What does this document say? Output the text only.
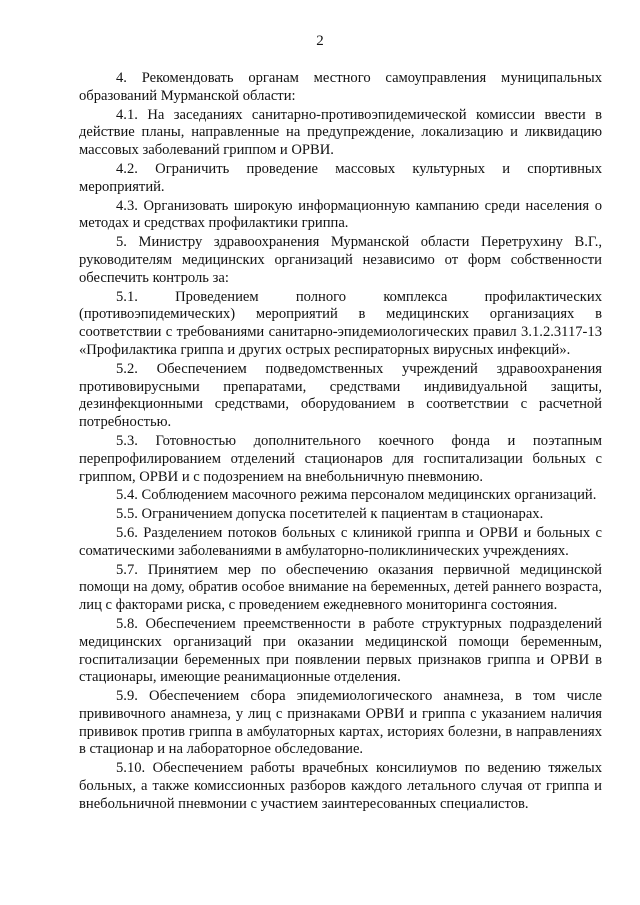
2

4. Рекомендовать органам местного самоуправления муниципальных образований Мурманской области:

4.1. На заседаниях санитарно-противоэпидемической комиссии ввести в действие планы, направленные на предупреждение, локализацию и ликвидацию массовых заболеваний гриппом и ОРВИ.

4.2. Ограничить проведение массовых культурных и спортивных мероприятий.

4.3. Организовать широкую информационную кампанию среди населения о методах и средствах профилактики гриппа.

5. Министру здравоохранения Мурманской области Перетрухину В.Г., руководителям медицинских организаций независимо от форм собственности обеспечить контроль за:

5.1. Проведением полного комплекса профилактических (противоэпидемических) мероприятий в медицинских организациях в соответствии с требованиями санитарно-эпидемиологических правил 3.1.2.3117-13 «Профилактика гриппа и других острых респираторных вирусных инфекций».

5.2. Обеспечением подведомственных учреждений здравоохранения противовирусными препаратами, средствами индивидуальной защиты, дезинфекционными средствами, оборудованием в соответствии с расчетной потребностью.

5.3. Готовностью дополнительного коечного фонда и поэтапным перепрофилированием отделений стационаров для госпитализации больных с гриппом, ОРВИ и с подозрением на внебольничную пневмонию.

5.4. Соблюдением масочного режима персоналом медицинских организаций.

5.5. Ограничением допуска посетителей к пациентам в стационарах.

5.6. Разделением потоков больных с клиникой гриппа и ОРВИ и больных с соматическими заболеваниями в амбулаторно-поликлинических учреждениях.

5.7. Принятием мер по обеспечению оказания первичной медицинской помощи на дому, обратив особое внимание на беременных, детей раннего возраста, лиц с факторами риска, с проведением ежедневного мониторинга состояния.

5.8. Обеспечением преемственности в работе структурных подразделений медицинских организаций при оказании медицинской помощи беременным, госпитализации беременных при появлении первых признаков гриппа и ОРВИ в стационары, имеющие реанимационные отделения.

5.9. Обеспечением сбора эпидемиологического анамнеза, в том числе прививочного анамнеза, у лиц с признаками ОРВИ и гриппа с указанием наличия прививок против гриппа в амбулаторных картах, историях болезни, в направлениях в стационар и на лабораторное обследование.

5.10. Обеспечением работы врачебных консилиумов по ведению тяжелых больных, а также комиссионных разборов каждого летального случая от гриппа и внебольничной пневмонии с участием заинтересованных специалистов.
